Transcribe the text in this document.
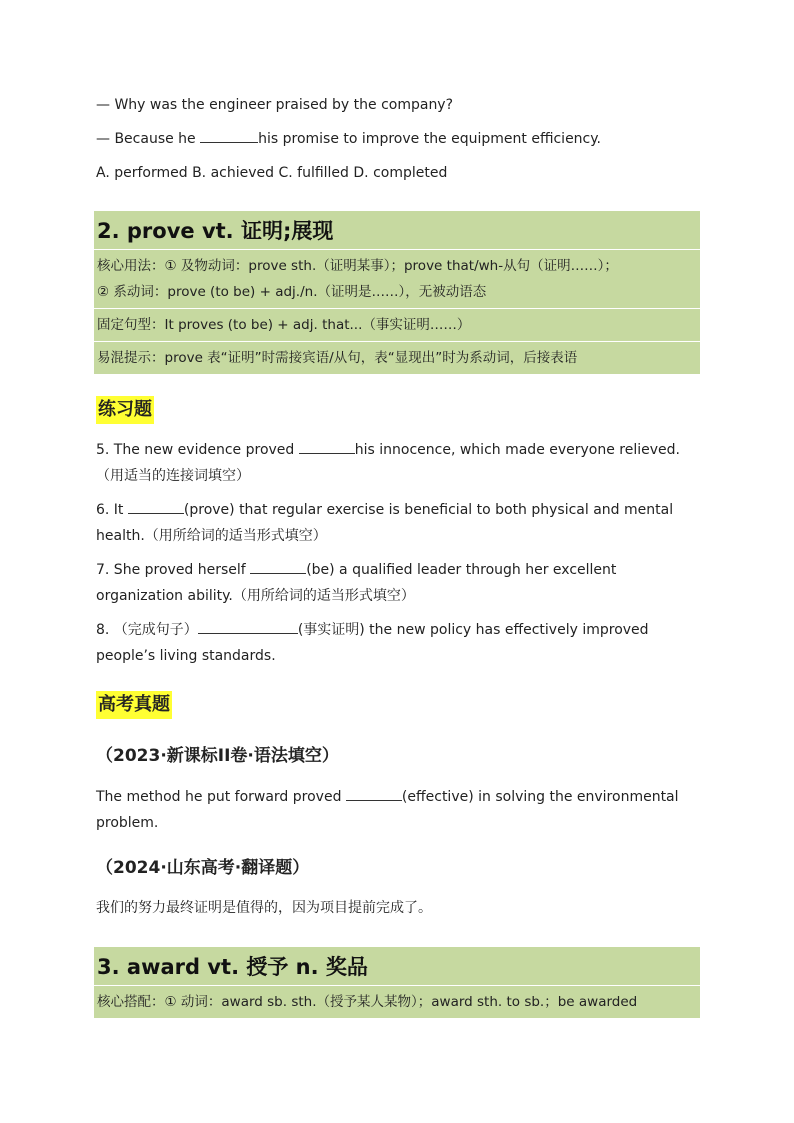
— Why was the engineer praised by the company?
— Because he	his promise to improve the equipment efficiency.
A. performed B. achieved C. fulfilled D. completed
2. prove vt. 证明;展现
核心用法：① 及物动词：prove sth.（证明某事）；prove that/wh-从句（证明……）；
② 系动词：prove (to be) + adj./n.（证明是……），无被动语态
固定句型：It proves (to be) + adj. that...（事实证明……）
易混提示：prove 表“证明”时需接宾语/从句，表“显现出”时为系动词，后接表语
练习题
5. The new evidence proved	his innocence, which made everyone relieved.（用适当的连接词填空）
6. It	(prove) that regular exercise is beneficial to both physical and mental health.（用所给词的适当形式填空）
7. She proved herself	(be) a qualified leader through her excellent organization ability.（用所给词的适当形式填空）
8. （完成句子）	(事实证明) the new policy has effectively improved people’s living standards.
高考真题
（2023·新课标II卷·语法填空）
The method he put forward proved	(effective) in solving the environmental problem.
（2024·山东高考·翻译题）
我们的努力最终证明是值得的，因为项目提前完成了。
3. award vt. 授予 n. 奖品
核心搭配：① 动词：award sb. sth.（授予某人某物）；award sth. to sb.；be awarded
